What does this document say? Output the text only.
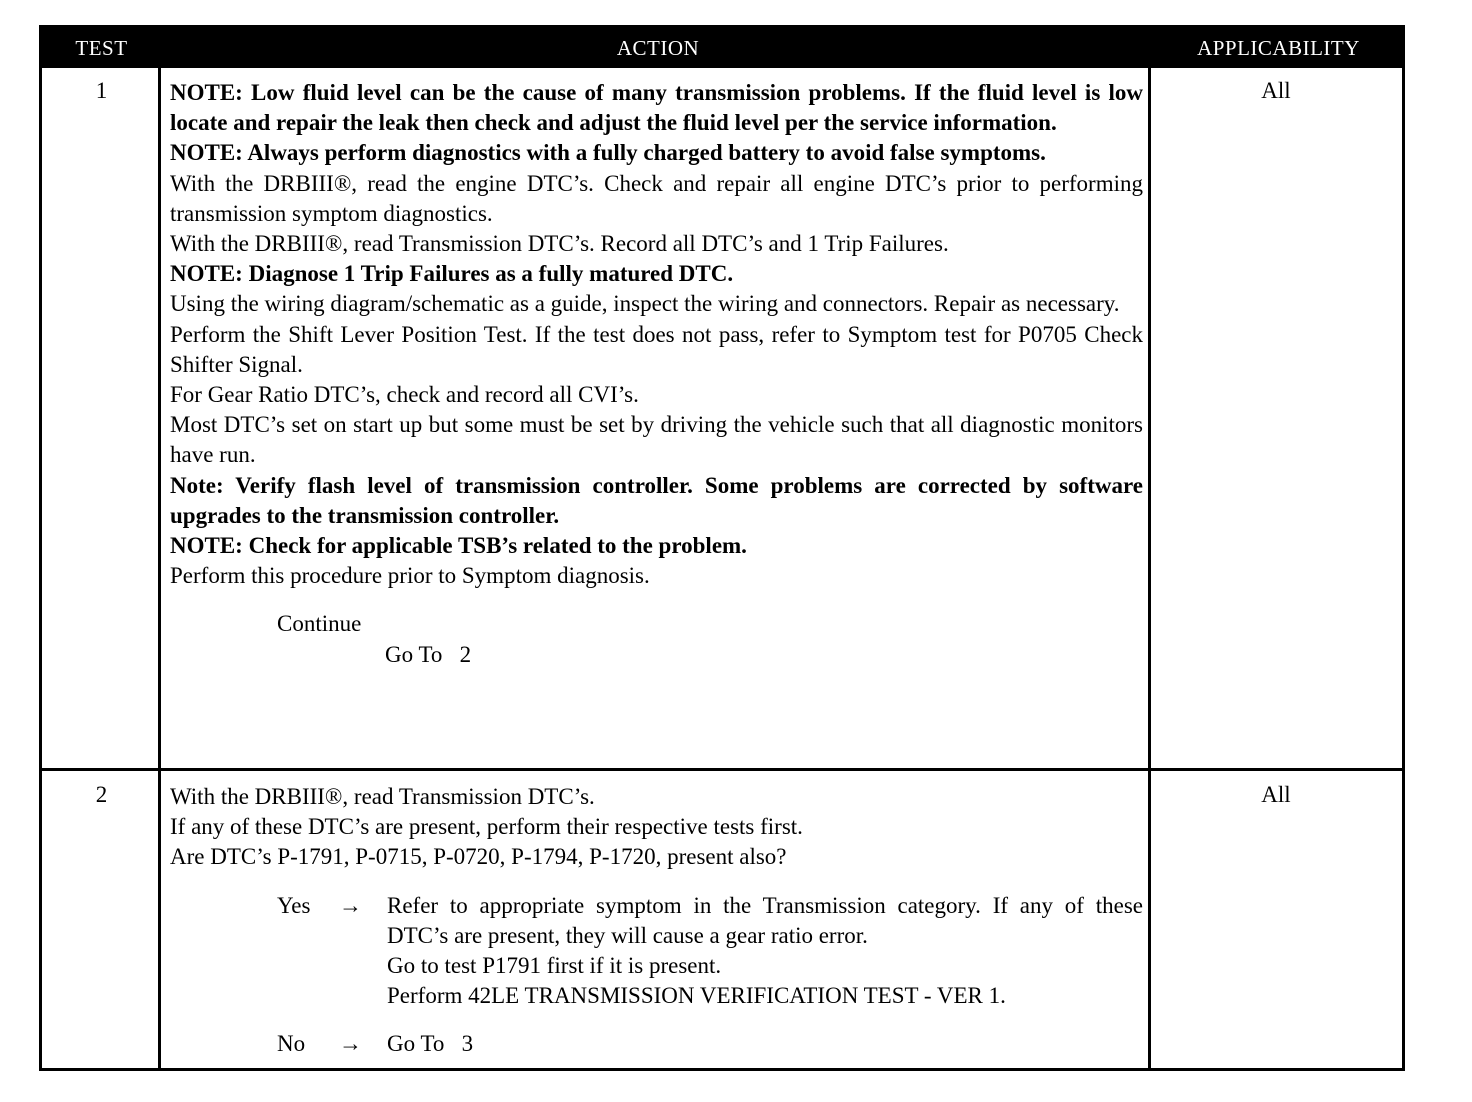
TEST	ACTION	APPLICABILITY
1	NOTE: Low fluid level can be the cause of many transmission problems. If the fluid level is low locate and repair the leak then check and adjust the fluid level per the service information.
NOTE: Always perform diagnostics with a fully charged battery to avoid false symptoms.
With the DRBIII®, read the engine DTC’s. Check and repair all engine DTC’s prior to performing transmission symptom diagnostics.
With the DRBIII®, read Transmission DTC’s. Record all DTC’s and 1 Trip Failures.
NOTE: Diagnose 1 Trip Failures as a fully matured DTC.
Using the wiring diagram/schematic as a guide, inspect the wiring and connectors. Repair as necessary.
Perform the Shift Lever Position Test. If the test does not pass, refer to Symptom test for P0705 Check Shifter Signal.
For Gear Ratio DTC’s, check and record all CVI’s.
Most DTC’s set on start up but some must be set by driving the vehicle such that all diagnostic monitors have run.
Note: Verify flash level of transmission controller. Some problems are corrected by software upgrades to the transmission controller.
NOTE: Check for applicable TSB’s related to the problem.
Perform this procedure prior to Symptom diagnosis.
Continue
Go To   2
All
2	With the DRBIII®, read Transmission DTC’s.
If any of these DTC’s are present, perform their respective tests first.
Are DTC’s P-1791, P-0715, P-0720, P-1794, P-1720, present also?
Yes	→	Refer to appropriate symptom in the Transmission category. If any of these DTC’s are present, they will cause a gear ratio error.
Go to test P1791 first if it is present.
Perform 42LE TRANSMISSION VERIFICATION TEST - VER 1.
No	→	Go To   3
All
